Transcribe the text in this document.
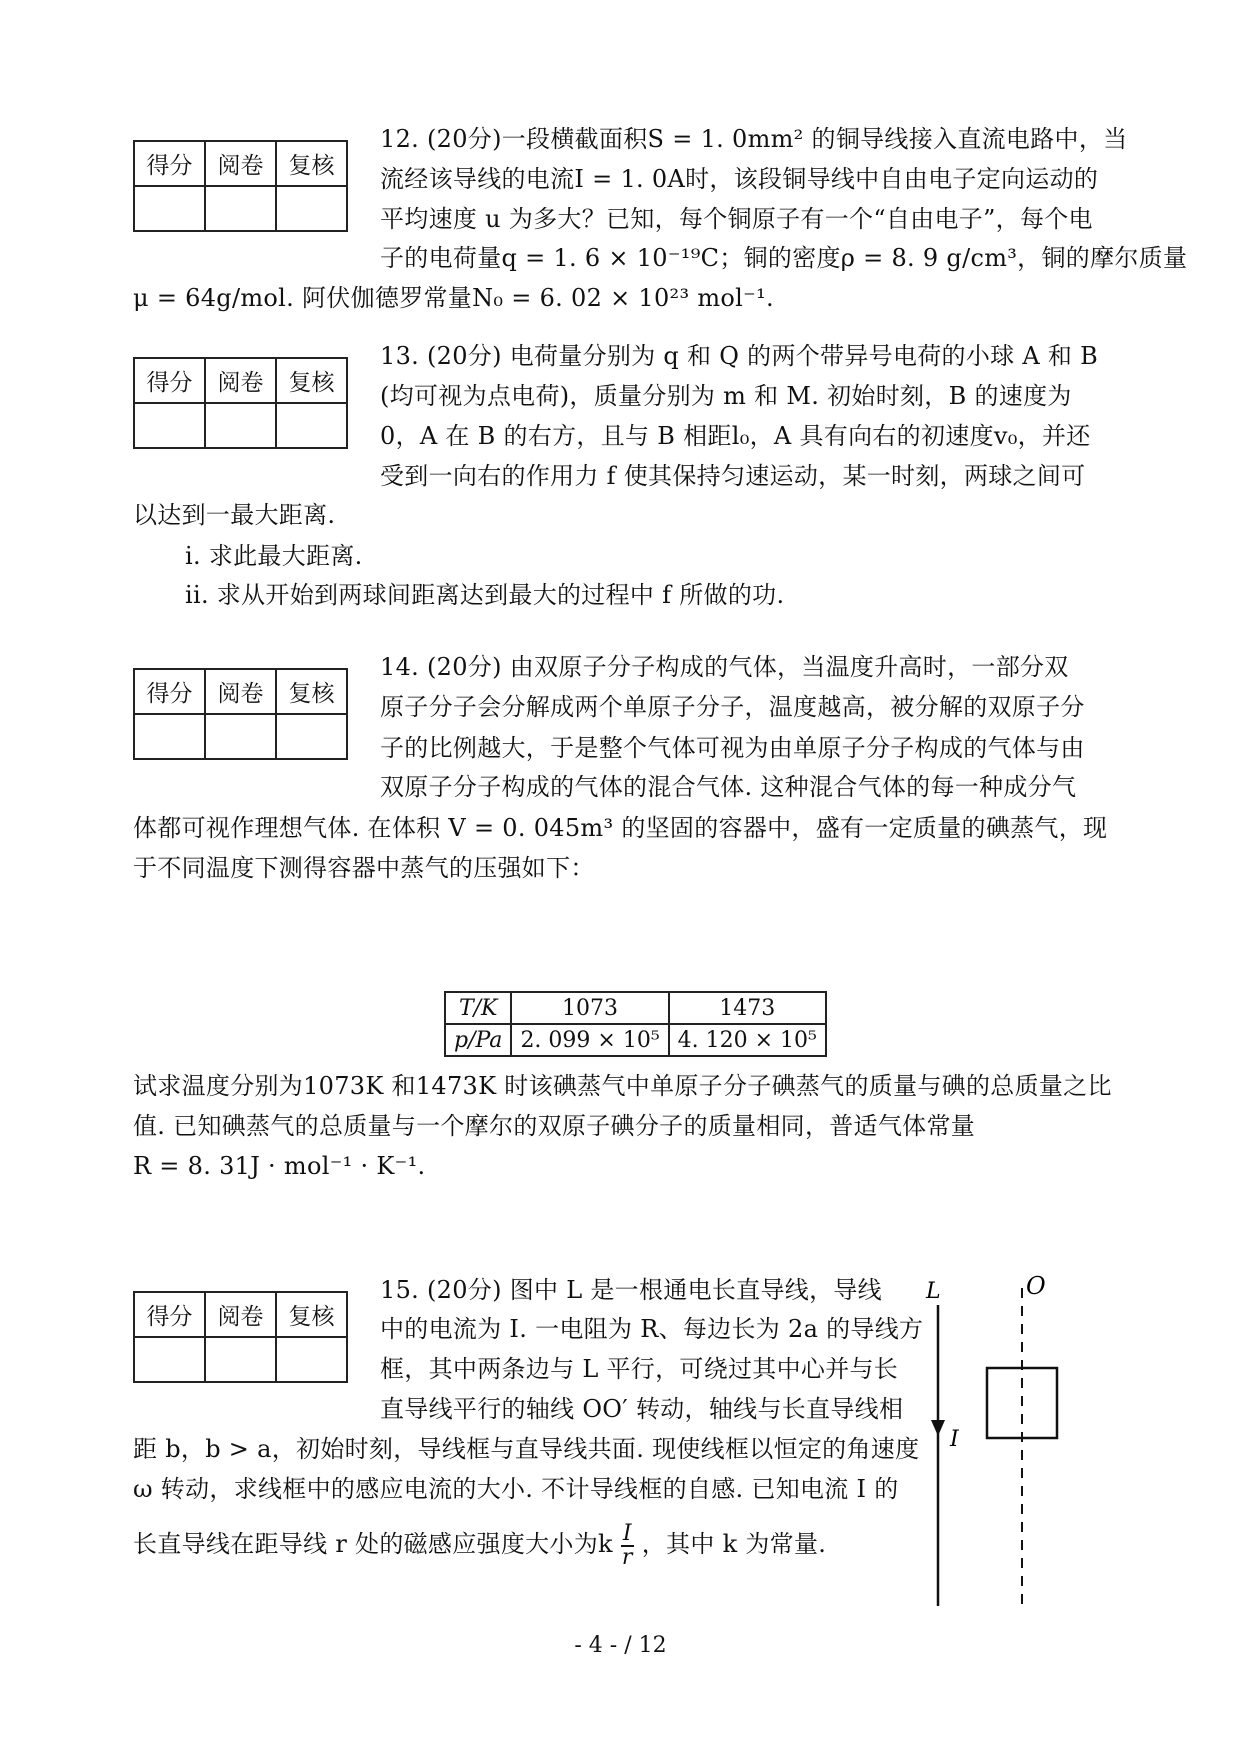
得分	阅卷	复核

12. (20分)一段横截面积S = 1. 0mm² 的铜导线接入直流电路中，当
流经该导线的电流I = 1. 0A时，该段铜导线中自由电子定向运动的
平均速度 u 为多大？已知，每个铜原子有一个“自由电子”，每个电
子的电荷量q = 1. 6 × 10⁻¹⁹C；铜的密度ρ = 8. 9 g/cm³，铜的摩尔质量
μ = 64g/mol. 阿伏伽德罗常量N₀ = 6. 02 × 10²³ mol⁻¹.
得分	阅卷	复核

13. (20分) 电荷量分别为 q 和 Q 的两个带异号电荷的小球 A 和 B
(均可视为点电荷)，质量分别为 m 和 M. 初始时刻，B 的速度为
0，A 在 B 的右方，且与 B 相距l₀，A 具有向右的初速度v₀，并还
受到一向右的作用力 f 使其保持匀速运动，某一时刻，两球之间可
以达到一最大距离.
i. 求此最大距离.
ii. 求从开始到两球间距离达到最大的过程中 f 所做的功.
得分	阅卷	复核

14. (20分) 由双原子分子构成的气体，当温度升高时，一部分双
原子分子会分解成两个单原子分子，温度越高，被分解的双原子分
子的比例越大，于是整个气体可视为由单原子分子构成的气体与由
双原子分子构成的气体的混合气体. 这种混合气体的每一种成分气
体都可视作理想气体. 在体积 V = 0. 045m³ 的坚固的容器中，盛有一定质量的碘蒸气，现
于不同温度下测得容器中蒸气的压强如下：
T/K	1073	1473
p/Pa	2. 099 × 10⁵	4. 120 × 10⁵
试求温度分别为1073K 和1473K 时该碘蒸气中单原子分子碘蒸气的质量与碘的总质量之比
值. 已知碘蒸气的总质量与一个摩尔的双原子碘分子的质量相同，普适气体常量
R = 8. 31J · mol⁻¹ · K⁻¹.
得分	阅卷	复核

15. (20分) 图中 L 是一根通电长直导线，导线
中的电流为 I. 一电阻为 R、每边长为 2a 的导线方
框，其中两条边与 L 平行，可绕过其中心并与长
直导线平行的轴线 OO′ 转动，轴线与长直导线相
距 b，b > a，初始时刻，导线框与直导线共面. 现使线框以恒定的角速度
ω 转动，求线框中的感应电流的大小. 不计导线框的自感. 已知电流 I 的
长直导线在距导线 r 处的磁感应强度大小为k $\frac{I}{r}$ ，其中 k 为常量.
L
I
O
- 4 - / 12
